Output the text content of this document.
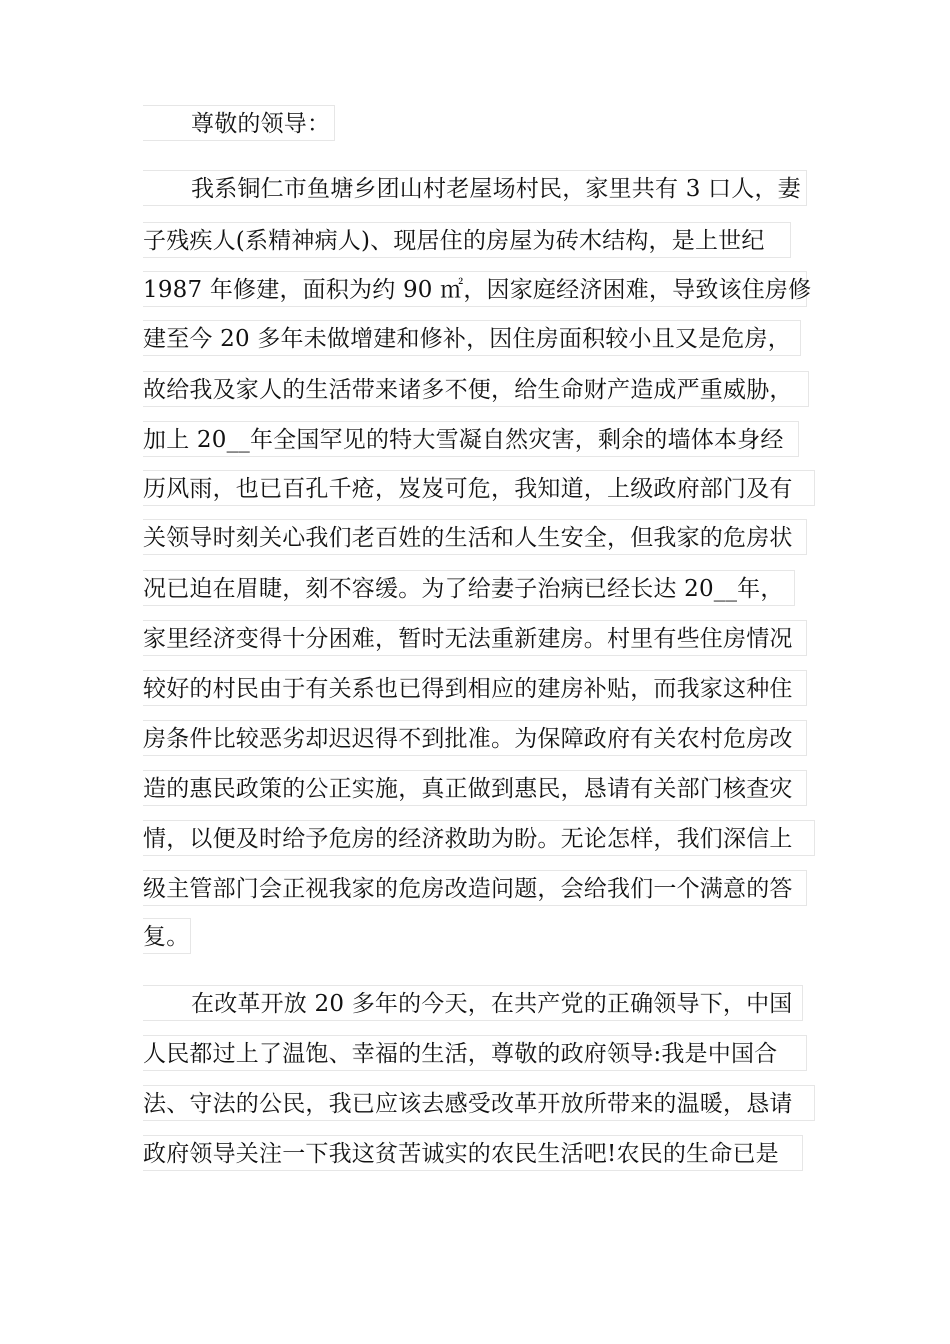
尊敬的领导：
我系铜仁市鱼塘乡团山村老屋场村民，家里共有 3 口人，妻
子残疾人(系精神病人)、现居住的房屋为砖木结构，是上世纪
1987 年修建，面积为约 90 ㎡，因家庭经济困难，导致该住房修
建至今 20 多年未做增建和修补，因住房面积较小且又是危房，
故给我及家人的生活带来诸多不便，给生命财产造成严重威胁，
加上 20__年全国罕见的特大雪凝自然灾害，剩余的墙体本身经
历风雨，也已百孔千疮，岌岌可危，我知道，上级政府部门及有
关领导时刻关心我们老百姓的生活和人生安全，但我家的危房状
况已迫在眉睫，刻不容缓。为了给妻子治病已经长达 20__年，
家里经济变得十分困难，暂时无法重新建房。村里有些住房情况
较好的村民由于有关系也已得到相应的建房补贴，而我家这种住
房条件比较恶劣却迟迟得不到批准。为保障政府有关农村危房改
造的惠民政策的公正实施，真正做到惠民，恳请有关部门核查灾
情，以便及时给予危房的经济救助为盼。无论怎样，我们深信上
级主管部门会正视我家的危房改造问题，会给我们一个满意的答
复。
在改革开放 20 多年的今天，在共产党的正确领导下，中国
人民都过上了温饱、幸福的生活，尊敬的政府领导:我是中国合
法、守法的公民，我已应该去感受改革开放所带来的温暖，恳请
政府领导关注一下我这贫苦诚实的农民生活吧!农民的生命已是
